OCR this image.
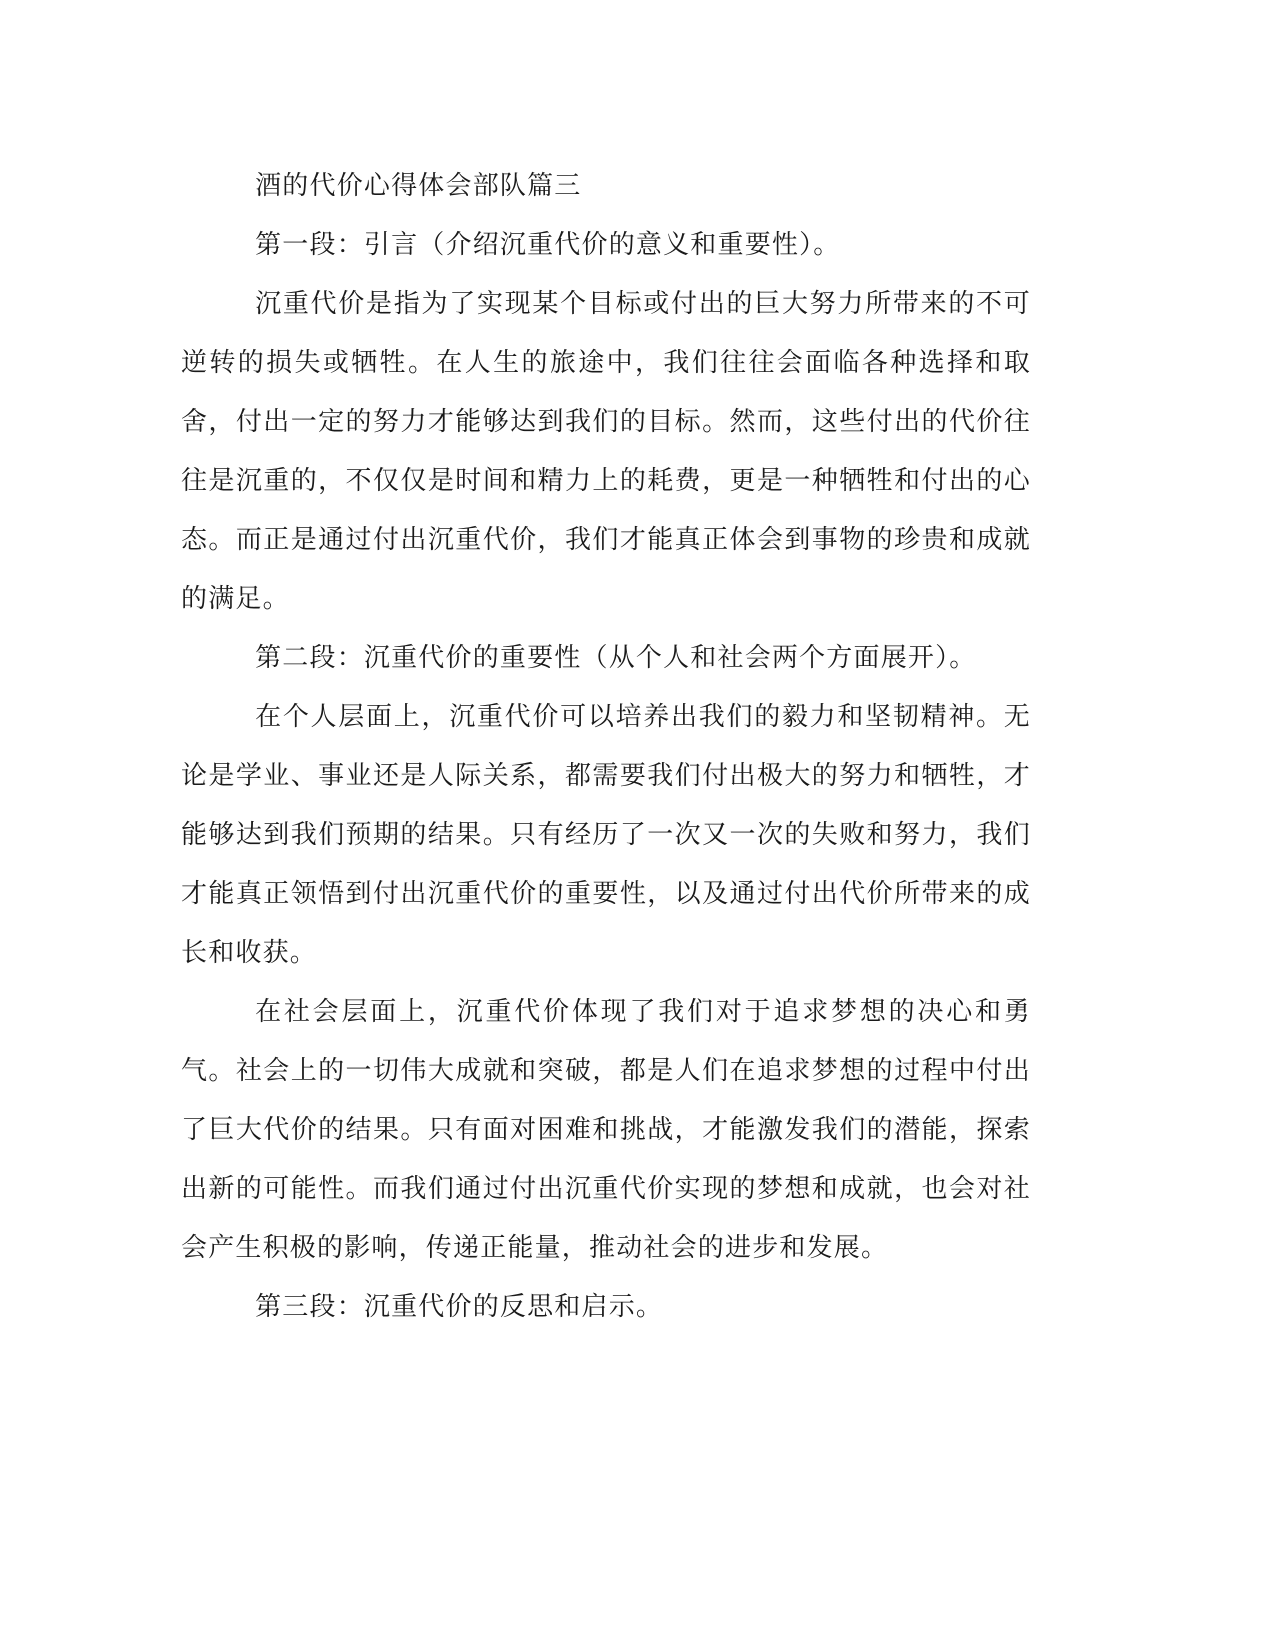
酒的代价心得体会部队篇三

第一段：引言（介绍沉重代价的意义和重要性）。

沉重代价是指为了实现某个目标或付出的巨大努力所带来的不可逆转的损失或牺牲。在人生的旅途中，我们往往会面临各种选择和取舍，付出一定的努力才能够达到我们的目标。然而，这些付出的代价往往是沉重的，不仅仅是时间和精力上的耗费，更是一种牺牲和付出的心态。而正是通过付出沉重代价，我们才能真正体会到事物的珍贵和成就的满足。

第二段：沉重代价的重要性（从个人和社会两个方面展开）。

在个人层面上，沉重代价可以培养出我们的毅力和坚韧精神。无论是学业、事业还是人际关系，都需要我们付出极大的努力和牺牲，才能够达到我们预期的结果。只有经历了一次又一次的失败和努力，我们才能真正领悟到付出沉重代价的重要性，以及通过付出代价所带来的成长和收获。

在社会层面上，沉重代价体现了我们对于追求梦想的决心和勇气。社会上的一切伟大成就和突破，都是人们在追求梦想的过程中付出了巨大代价的结果。只有面对困难和挑战，才能激发我们的潜能，探索出新的可能性。而我们通过付出沉重代价实现的梦想和成就，也会对社会产生积极的影响，传递正能量，推动社会的进步和发展。

第三段：沉重代价的反思和启示。
